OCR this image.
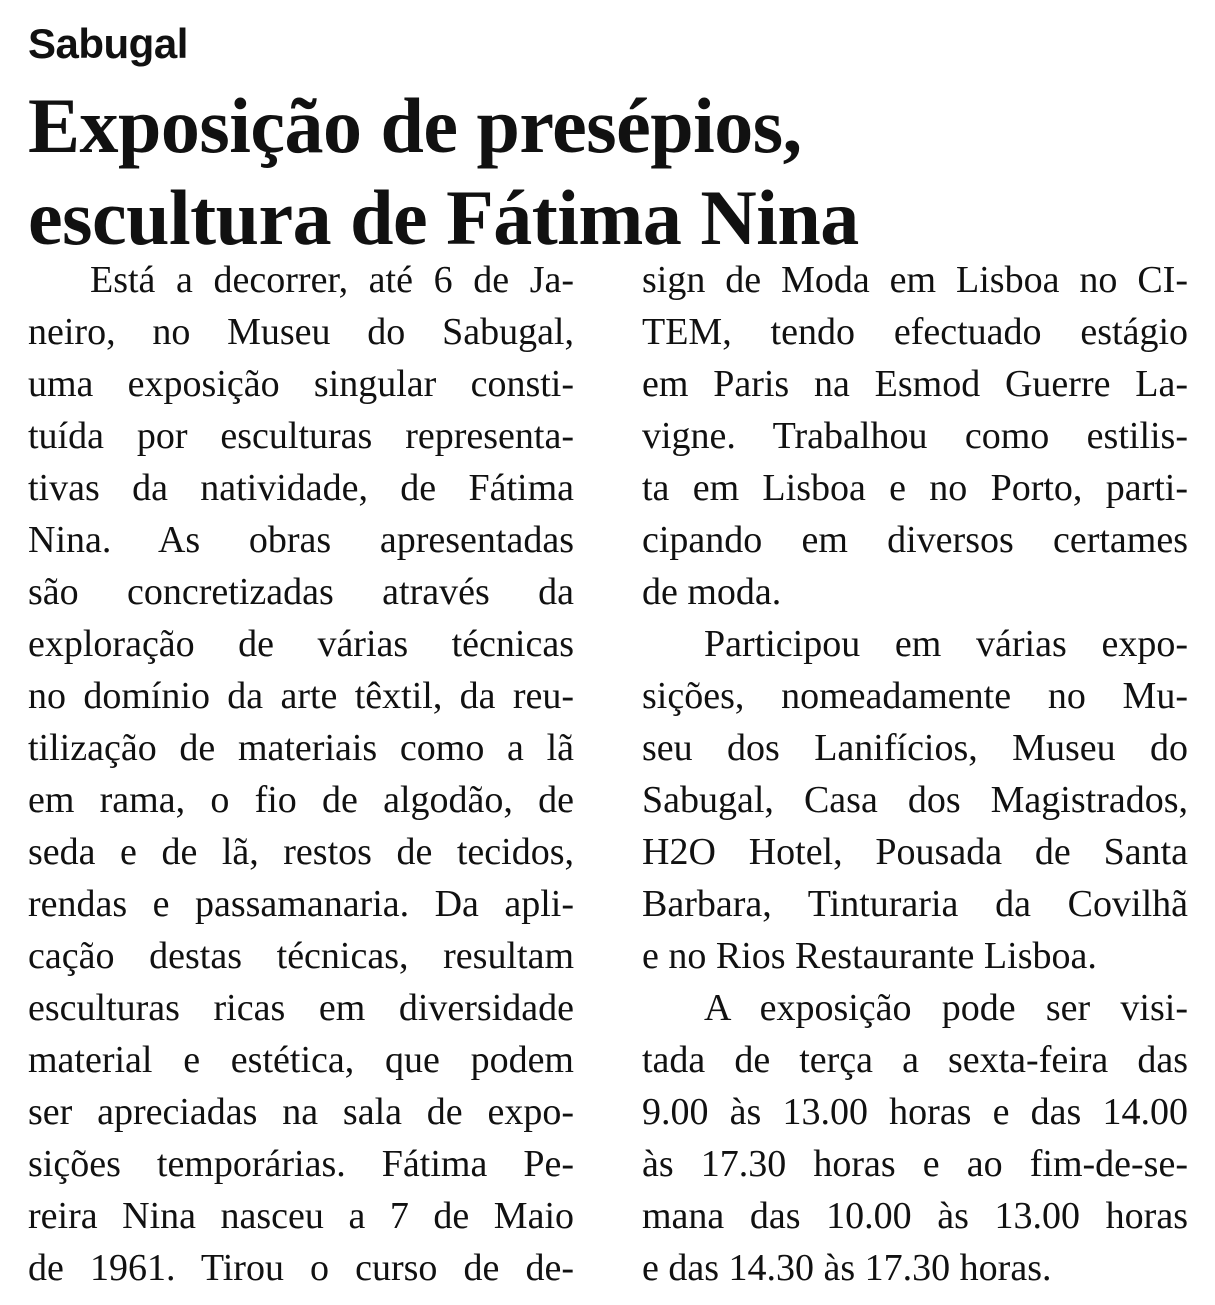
Sabugal
Exposição de presépios,
escultura de Fátima Nina
Está a decorrer, até 6 de Ja-
neiro, no Museu do Sabugal,
uma exposição singular consti-
tuída por esculturas representa-
tivas da natividade, de Fátima
Nina. As obras apresentadas
são concretizadas através da
exploração de várias técnicas
no domínio da arte têxtil, da reu-
tilização de materiais como a lã
em rama, o fio de algodão, de
seda e de lã, restos de tecidos,
rendas e passamanaria. Da apli-
cação destas técnicas, resultam
esculturas ricas em diversidade
material e estética, que podem
ser apreciadas na sala de expo-
sições temporárias. Fátima Pe-
reira Nina nasceu a 7 de Maio
de 1961. Tirou o curso de de-
sign de Moda em Lisboa no CI-
TEM, tendo efectuado estágio
em Paris na Esmod Guerre La-
vigne. Trabalhou como estilis-
ta em Lisboa e no Porto, parti-
cipando em diversos certames
de moda.
Participou em várias expo-
sições, nomeadamente no Mu-
seu dos Lanifícios, Museu do
Sabugal, Casa dos Magistrados,
H2O Hotel, Pousada de Santa
Barbara, Tinturaria da Covilhã
e no Rios Restaurante Lisboa.
A exposição pode ser visi-
tada de terça a sexta-feira das
9.00 às 13.00 horas e das 14.00
às 17.30 horas e ao fim-de-se-
mana das 10.00 às 13.00 horas
e das 14.30 às 17.30 horas.
